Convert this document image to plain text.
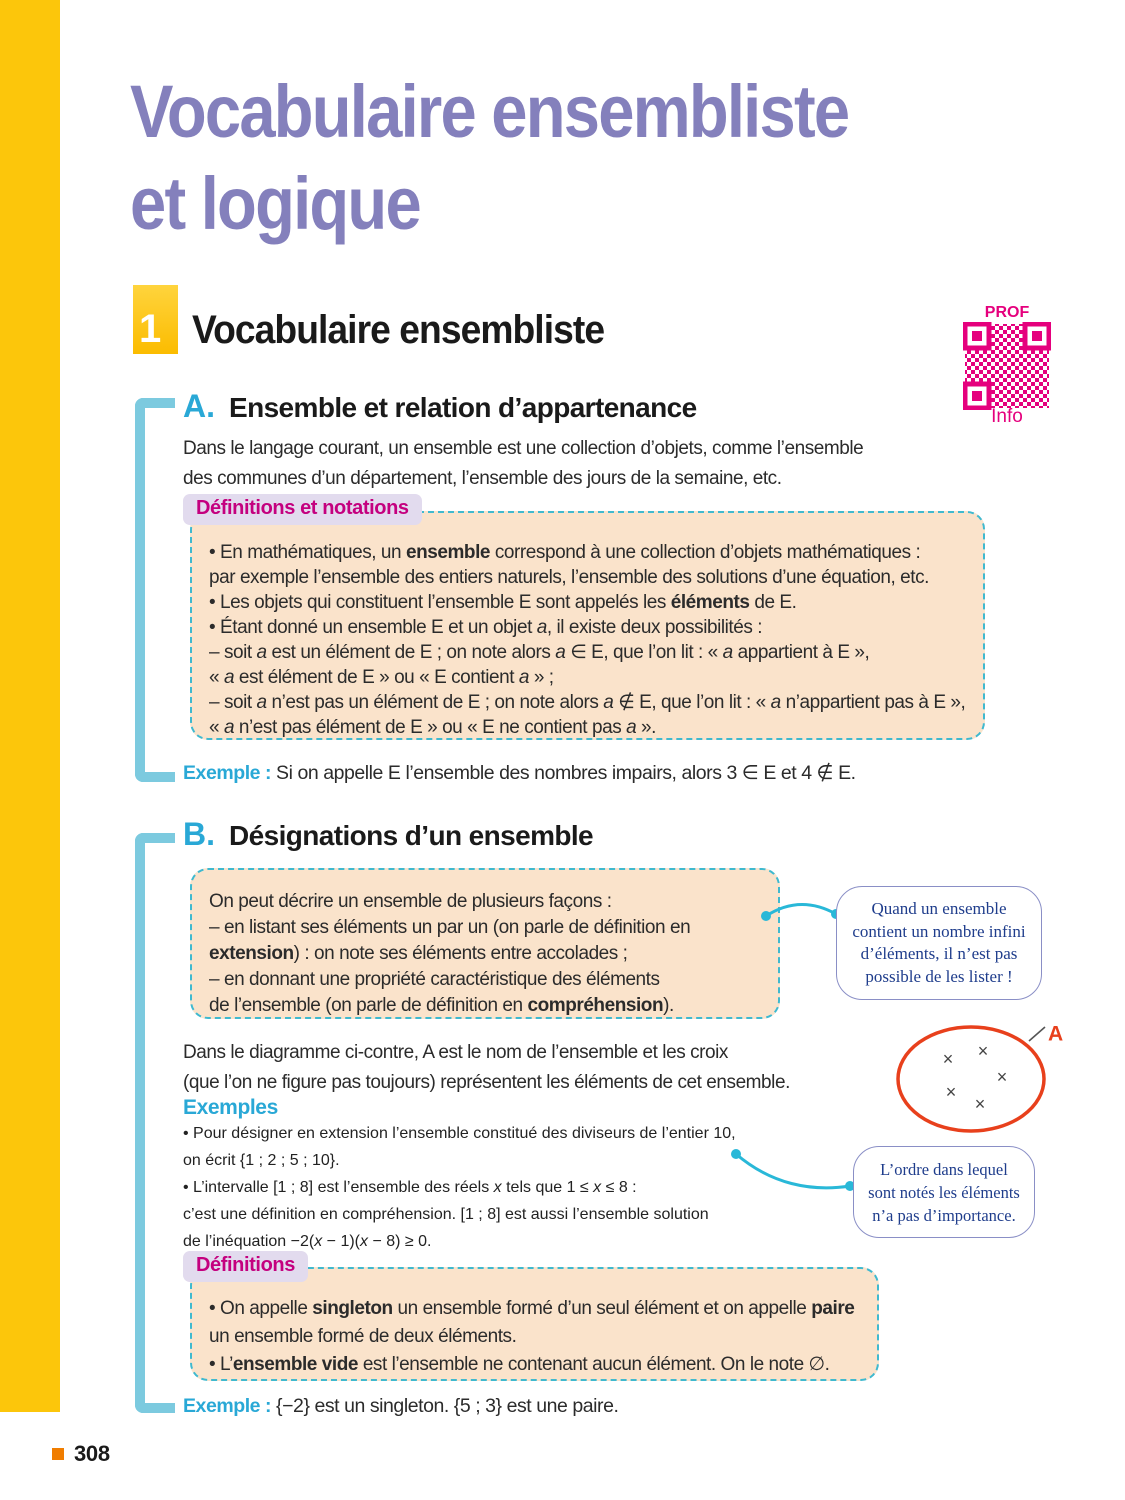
Vocabulaire ensembliste
et logique
1 Vocabulaire ensembliste	PROF
Info
A. Ensemble et relation d’appartenance
Dans le langage courant, un ensemble est une collection d’objets, comme l’ensemble
des communes d’un département, l’ensemble des jours de la semaine, etc.
Définitions et notations
• En mathématiques, un ensemble correspond à une collection d’objets mathématiques :
par exemple l’ensemble des entiers naturels, l’ensemble des solutions d’une équation, etc.
• Les objets qui constituent l’ensemble E sont appelés les éléments de E.
• Étant donné un ensemble E et un objet a, il existe deux possibilités :
– soit a est un élément de E ; on note alors a ∈ E, que l’on lit : « a appartient à E »,
« a est élément de E » ou « E contient a » ;
– soit a n’est pas un élément de E ; on note alors a ∉ E, que l’on lit : « a n’appartient pas à E »,
« a n’est pas élément de E » ou « E ne contient pas a ».
Exemple : Si on appelle E l’ensemble des nombres impairs, alors 3 ∈ E et 4 ∉ E.
B. Désignations d’un ensemble
On peut décrire un ensemble de plusieurs façons :
– en listant ses éléments un par un (on parle de définition en
extension) : on note ses éléments entre accolades ;
– en donnant une propriété caractéristique des éléments
de l’ensemble (on parle de définition en compréhension).
Quand un ensemble
contient un nombre infini
d’éléments, il n’est pas
possible de les lister !
A
× ×
×
×
×
Dans le diagramme ci-contre, A est le nom de l’ensemble et les croix
(que l’on ne figure pas toujours) représentent les éléments de cet ensemble.
Exemples
• Pour désigner en extension l’ensemble constitué des diviseurs de l’entier 10,
on écrit {1 ; 2 ; 5 ; 10}.
• L’intervalle [1 ; 8] est l’ensemble des réels x tels que 1 ≤ x ≤ 8 :
c’est une définition en compréhension. [1 ; 8] est aussi l’ensemble solution
de l’inéquation −2(x − 1)(x − 8) ≥ 0.
L’ordre dans lequel
sont notés les éléments
n’a pas d’importance.
Définitions
• On appelle singleton un ensemble formé d’un seul élément et on appelle paire
un ensemble formé de deux éléments.
• L’ensemble vide est l’ensemble ne contenant aucun élément. On le note ∅.
Exemple : {−2} est un singleton. {5 ; 3} est une paire.
308
